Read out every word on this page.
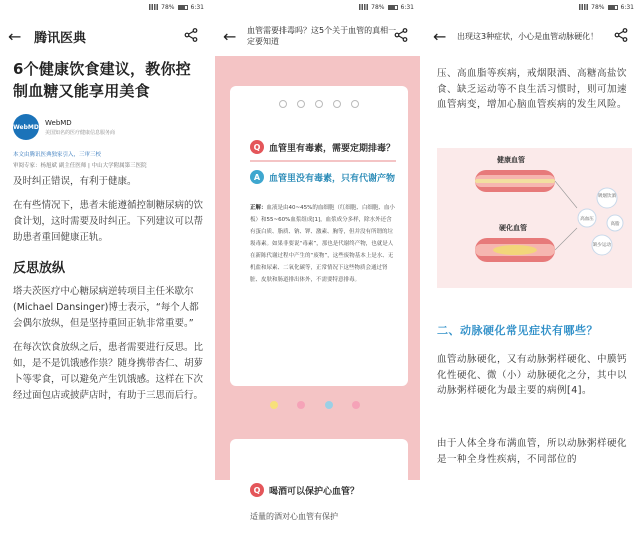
78%	6:31
← 腾讯医典
6个健康饮食建议，教你控制血糖又能享用美食
WebMD
WebMD
美国知名的医疗健康信息服务商
本文由腾讯医典独家引入，三审三校
审阅专家：杨旭斌 副主任医师 | 中山大学附属第三医院
及时纠正错误，有利于健康。
在有些情况下，患者未能遵循控制糖尿病的饮食计划，这时需要及时纠正。下列建议可以帮助患者重回健康正轨。
反思放纵
塔夫茨医疗中心糖尿病逆转项目主任米歇尔(Michael Dansinger)博士表示，“每个人都会偶尔放纵，但是坚持重回正轨非常重要。”
在每次饮食放纵之后，患者需要进行反思。比如，是不是饥饿感作祟？随身携带杏仁、胡萝卜等零食，可以避免产生饥饿感。这样在下次经过面包店或披萨店时，有助于三思而后行。
78%	6:31
←	血管需要排毒吗？这5个关于血管的真相一定要知道
Q 血管里有毒素，需要定期排毒？
A 血管里没有毒素，只有代谢产物
正解：血液是由40~45%的血细胞（红细胞、白细胞、血小板）和55~60%血浆组成[1]，血浆成分多样，除水外还含有蛋白质、脂质、钠、钾、激素、胸等，但并没有所谓的垃圾毒素。如果非要说“毒素”，那也是代谢终产物，也就是人在新陈代谢过程中产生的“废物”，这些废物基本上是水、无机盐和尿素、二氧化碳等，正常情况下这些物质会通过肾脏、皮肤和肠道排出体外，不需要特意排毒。
Q 喝酒可以保护心血管？
适量的酒对心血管有保护
78%	6:31
←	出现这3种症状，小心是血管动脉硬化！
压、高血脂等疾病，戒烟限酒、高糖高盐饮食、缺乏运动等不良生活习惯时，则可加速血管病变，增加心脑血管疾病的发生风险。
健康血管
硬化血管
吸烟饮酒
高血压
高脂
缺少运动
二、动脉硬化常见症状有哪些？
血管动脉硬化，又有动脉粥样硬化、中膜钙化性硬化、微（小）动脉硬化之分，其中以动脉粥样硬化为最主要的病例[4]。
由于人体全身布满血管，所以动脉粥样硬化是一种全身性疾病，不同部位的
